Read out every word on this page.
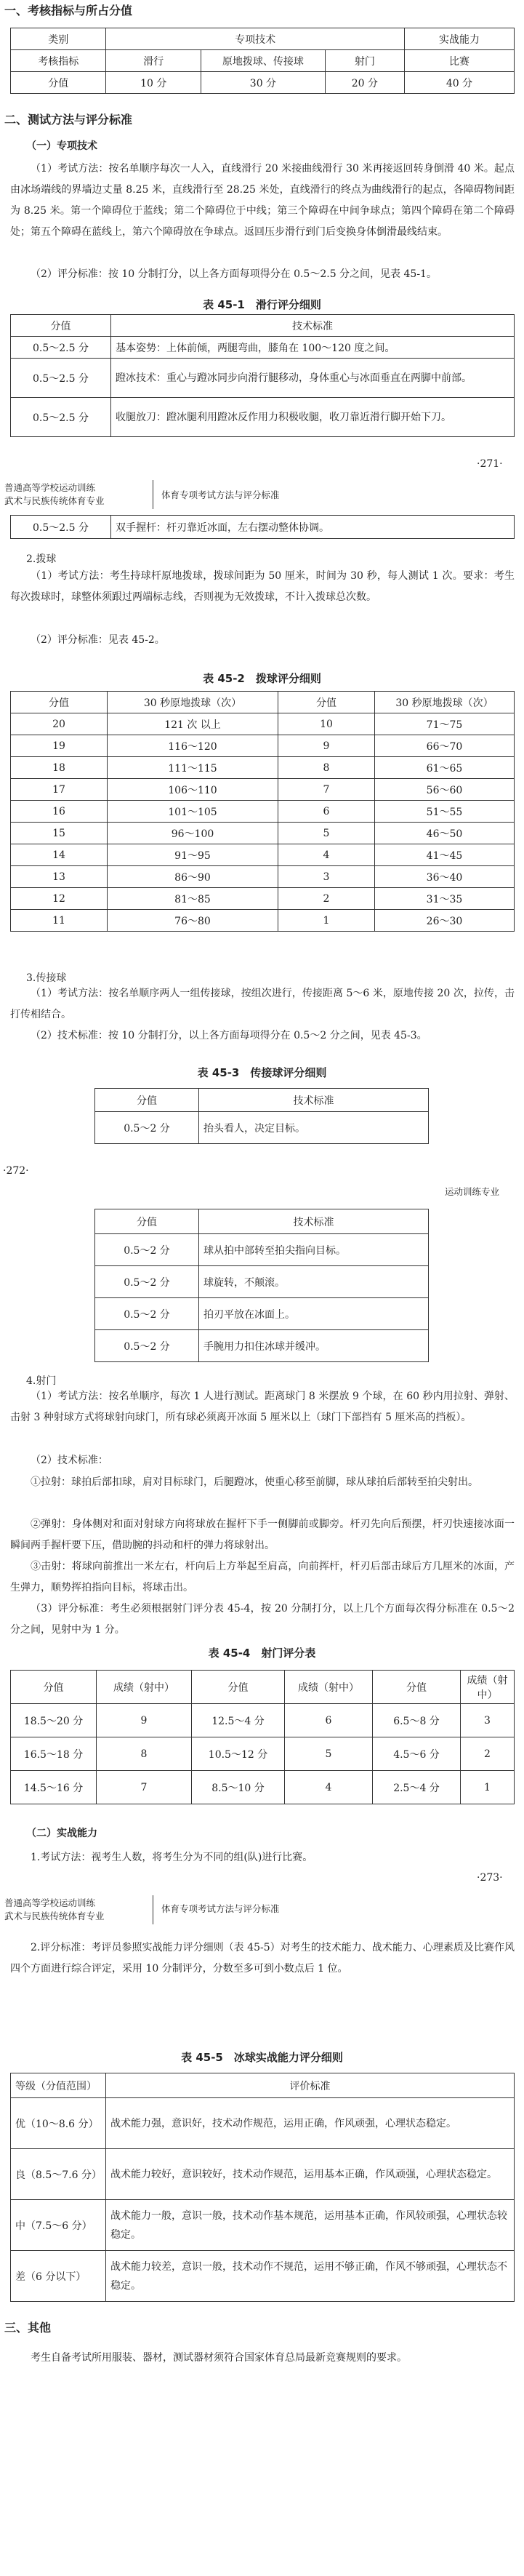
一、考核指标与所占分值
类别	专项技术			实战能力
考核指标	滑行	原地拨球、传接球	射门	比赛
分值	10 分	30 分	20 分	40 分
二、测试方法与评分标准
（一）专项技术
（1）考试方法：按名单顺序每次一人入，直线滑行 20 米接曲线滑行 30 米再接返回转身倒滑 40 米。起点由冰场端线的界墙边丈量 8.25 米，直线滑行至 28.25 米处，直线滑行的终点为曲线滑行的起点，各障碍物间距为 8.25 米。第一个障碍位于蓝线；第二个障碍位于中线；第三个障碍在中间争球点；第四个障碍在第二个障碍处；第五个障碍在蓝线上，第六个障碍放在争球点。返回压步滑行到门后变换身体倒滑最线结束。
（2）评分标准：按 10 分制打分，以上各方面每项得分在 0.5～2.5 分之间，见表 45-1。
表 45-1　滑行评分细则
分值	技术标准
0.5～2.5 分	基本姿势：上体前倾，两腿弯曲，膝角在 100～120 度之间。
0.5～2.5 分	蹬冰技术：重心与蹬冰同步向滑行腿移动，身体重心与冰面垂直在两脚中前部。
0.5～2.5 分	收腿放刀：蹬冰腿利用蹬冰反作用力积极收腿，收刀靠近滑行脚开始下刀。
·271·
普通高等学校运动训练
武术与民族传统体育专业
体育专项考试方法与评分标准
0.5～2.5 分	双手握杆：杆刃靠近冰面，左右摆动整体协调。
2.拨球
（1）考试方法：考生持球杆原地拨球，拨球间距为 50 厘米，时间为 30 秒，每人测试 1 次。要求：考生每次拨球时，球整体须跟过两端标志线，否则视为无效拨球，不计入拨球总次数。
（2）评分标准：见表 45-2。
表 45-2　拨球评分细则
分值	30 秒原地拨球（次）	分值	30 秒原地拨球（次）
20	121 次 以上	10	71～75
19	116～120	9	66～70
18	111～115	8	61～65
17	106～110	7	56～60
16	101～105	6	51～55
15	96～100	5	46～50
14	91～95	4	41～45
13	86～90	3	36～40
12	81～85	2	31～35
11	76～80	1	26～30
3.传接球
（1）考试方法：按名单顺序两人一组传接球，按组次进行，传接距离 5～6 米，原地传接 20 次，拉传，击打传相结合。
（2）技术标准：按 10 分制打分，以上各方面每项得分在 0.5～2 分之间，见表 45-3。
表 45-3　传接球评分细则
分值	技术标准
0.5～2 分	抬头看人，决定目标。
·272·
运动训练专业
分值	技术标准
0.5～2 分	球从拍中部转至拍尖指向目标。
0.5～2 分	球旋转，不颠滚。
0.5～2 分	拍刃平放在冰面上。
0.5～2 分	手腕用力扣住冰球并缓冲。
4.射门
（1）考试方法：按名单顺序，每次 1 人进行测试。距离球门 8 米摆放 9 个球，在 60 秒内用拉射、弹射、击射 3 种射球方式将球射向球门，所有球必须离开冰面 5 厘米以上（球门下部挡有 5 厘米高的挡板）。
（2）技术标准：
①拉射：球拍后部扣球，肩对目标球门，后腿蹬冰，使重心移至前脚，球从球拍后部转至拍尖射出。
②弹射：身体侧对和面对射球方向将球放在握杆下手一侧脚前或脚旁。杆刃先向后预摆，杆刃快速接冰面一瞬间两手握杆要下压，借助腕的抖动和杆的弹力将球射出。
③击射：将球向前推出一米左右，杆向后上方举起至肩高，向前挥杆，杆刃后部击球后方几厘米的冰面，产生弹力，顺势挥拍指向目标，将球击出。
（3）评分标准：考生必须根据射门评分表 45-4，按 20 分制打分，以上几个方面每次得分标准在 0.5～2 分之间，见射中为 1 分。
表 45-4　射门评分表
分值	成绩（射中）	分值	成绩（射中）	分值	成绩（射中）
18.5～20 分	9	12.5～4 分	6	6.5～8 分	3
16.5～18 分	8	10.5～12 分	5	4.5～6 分	2
14.5～16 分	7	8.5～10 分	4	2.5～4 分	1
（二）实战能力
1.考试方法：视考生人数，将考生分为不同的组(队)进行比赛。
普通高等学校运动训练
武术与民族传统体育专业
体育专项考试方法与评分标准
·273·
2.评分标准：考评员参照实战能力评分细则（表 45-5）对考生的技术能力、战术能力、心理素质及比赛作风四个方面进行综合评定，采用 10 分制评分，分数至多可到小数点后 1 位。
表 45-5　冰球实战能力评分细则
等级（分值范围）	评价标准
优（10～8.6 分）	战术能力强，意识好，技术动作规范，运用正确，作风顽强，心理状态稳定。
良（8.5～7.6 分）	战术能力较好，意识较好，技术动作规范，运用基本正确，作风顽强，心理状态稳定。
中（7.5～6 分）	战术能力一般，意识一般，技术动作基本规范，运用基本正确，作风较顽强，心理状态较稳定。
差（6 分以下）	战术能力较差，意识一般，技术动作不规范，运用不够正确，作风不够顽强，心理状态不稳定。
三、其他
考生自备考试所用服装、器材，测试器材须符合国家体育总局最新竞赛规则的要求。
